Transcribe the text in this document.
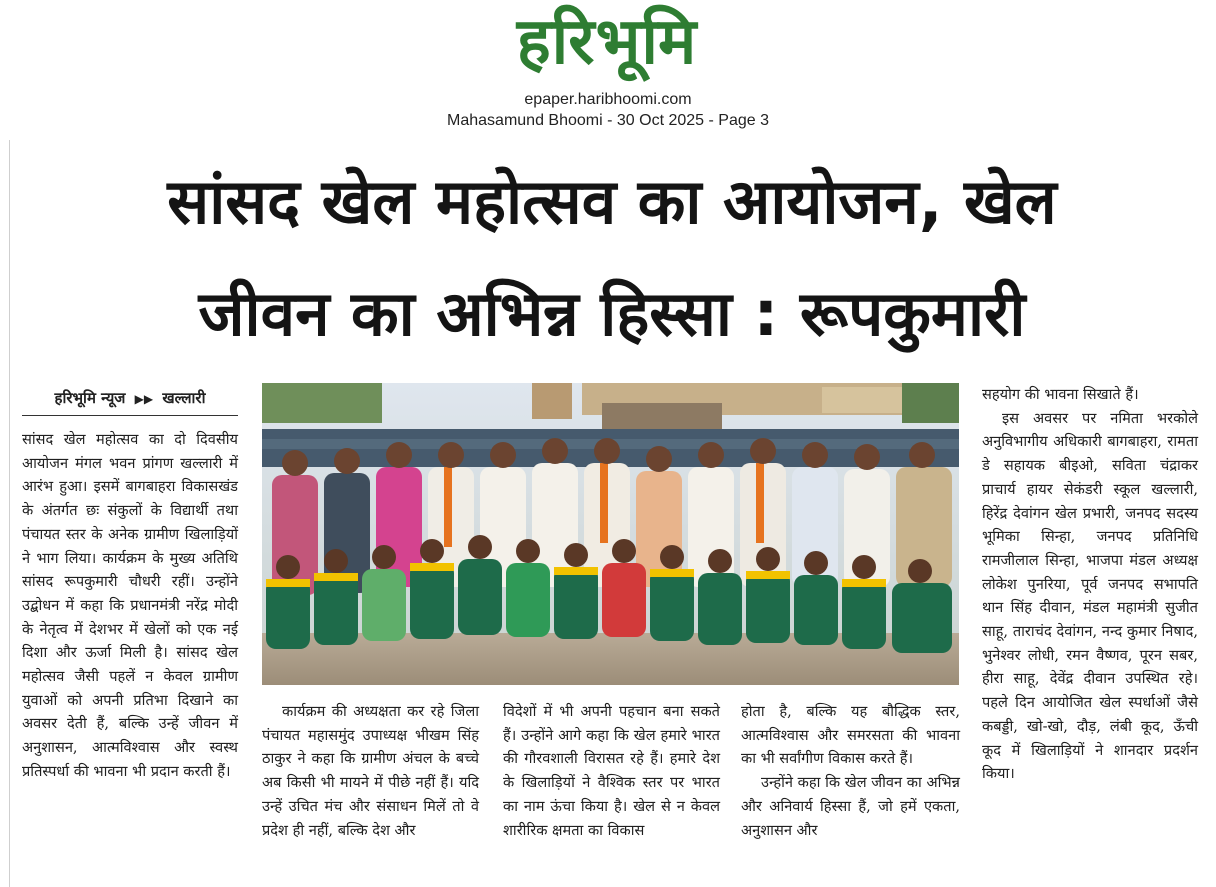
हरिभूमि
epaper.haribhoomi.com
Mahasamund Bhoomi - 30 Oct 2025 - Page 3
सांसद खेल महोत्सव का आयोजन, खेल
जीवन का अभिन्न हिस्सा : रूपकुमारी
हरिभूमि न्यूज ▶▶ खल्लारी
सांसद खेल महोत्सव का दो दिवसीय आयोजन मंगल भवन प्रांगण खल्लारी में आरंभ हुआ। इसमें बागबाहरा विकासखंड के अंतर्गत छः संकुलों के विद्यार्थी तथा पंचायत स्तर के अनेक ग्रामीण खिलाड़ियों ने भाग लिया। कार्यक्रम के मुख्य अतिथि सांसद रूपकुमारी चौधरी रहीं। उन्होंने उद्बोधन में कहा कि प्रधानमंत्री नरेंद्र मोदी के नेतृत्व में देशभर में खेलों को एक नई दिशा और ऊर्जा मिली है। सांसद खेल महोत्सव जैसी पहलें न केवल ग्रामीण युवाओं को अपनी प्रतिभा दिखाने का अवसर देती हैं, बल्कि उन्हें जीवन में अनुशासन, आत्मविश्वास और स्वस्थ प्रतिस्पर्धा की भावना भी प्रदान करती हैं।
कार्यक्रम की अध्यक्षता कर रहे जिला पंचायत महासमुंद उपाध्यक्ष भीखम सिंह ठाकुर ने कहा कि ग्रामीण अंचल के बच्चे अब किसी भी मायने में पीछे नहीं हैं। यदि उन्हें उचित मंच और संसाधन मिलें तो वे प्रदेश ही नहीं, बल्कि देश और
विदेशों में भी अपनी पहचान बना सकते हैं। उन्होंने आगे कहा कि खेल हमारे भारत की गौरवशाली विरासत रहे हैं। हमारे देश के खिलाड़ियों ने वैश्विक स्तर पर भारत का नाम ऊंचा किया है। खेल से न केवल शारीरिक क्षमता का विकास
होता है, बल्कि यह बौद्धिक स्तर, आत्मविश्वास और समरसता की भावना का भी सर्वांगीण विकास करते हैं।
उन्होंने कहा कि खेल जीवन का अभिन्न और अनिवार्य हिस्सा हैं, जो हमें एकता, अनुशासन और
सहयोग की भावना सिखाते हैं।
इस अवसर पर नमिता भरकोले अनुविभागीय अधिकारी बागबाहरा, रामता डे सहायक बीइओ, सविता चंद्राकर प्राचार्य हायर सेकंडरी स्कूल खल्लारी, हिरेंद्र देवांगन खेल प्रभारी, जनपद सदस्य भूमिका सिन्हा, जनपद प्रतिनिधि रामजीलाल सिन्हा, भाजपा मंडल अध्यक्ष लोकेश पुनरिया, पूर्व जनपद सभापति थान सिंह दीवान, मंडल महामंत्री सुजीत साहू, ताराचंद देवांगन, नन्द कुमार निषाद, भुनेश्वर लोधी, रमन वैष्णव, पूरन सबर, हीरा साहू, देवेंद्र दीवान उपस्थित रहे। पहले दिन आयोजित खेल स्पर्धाओं जैसे कबड्डी, खो-खो, दौड़, लंबी कूद, ऊँची कूद में खिलाड़ियों ने शानदार प्रदर्शन किया।
